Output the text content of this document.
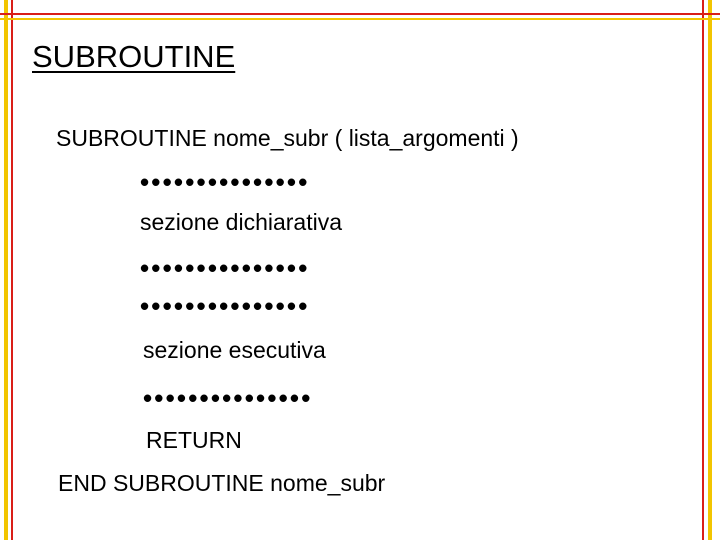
SUBROUTINE
SUBROUTINE nome_subr ( lista_argomenti )
•••••••••••••••
sezione dichiarativa
•••••••••••••••
•••••••••••••••
sezione esecutiva
•••••••••••••••
RETURN
END SUBROUTINE nome_subr
